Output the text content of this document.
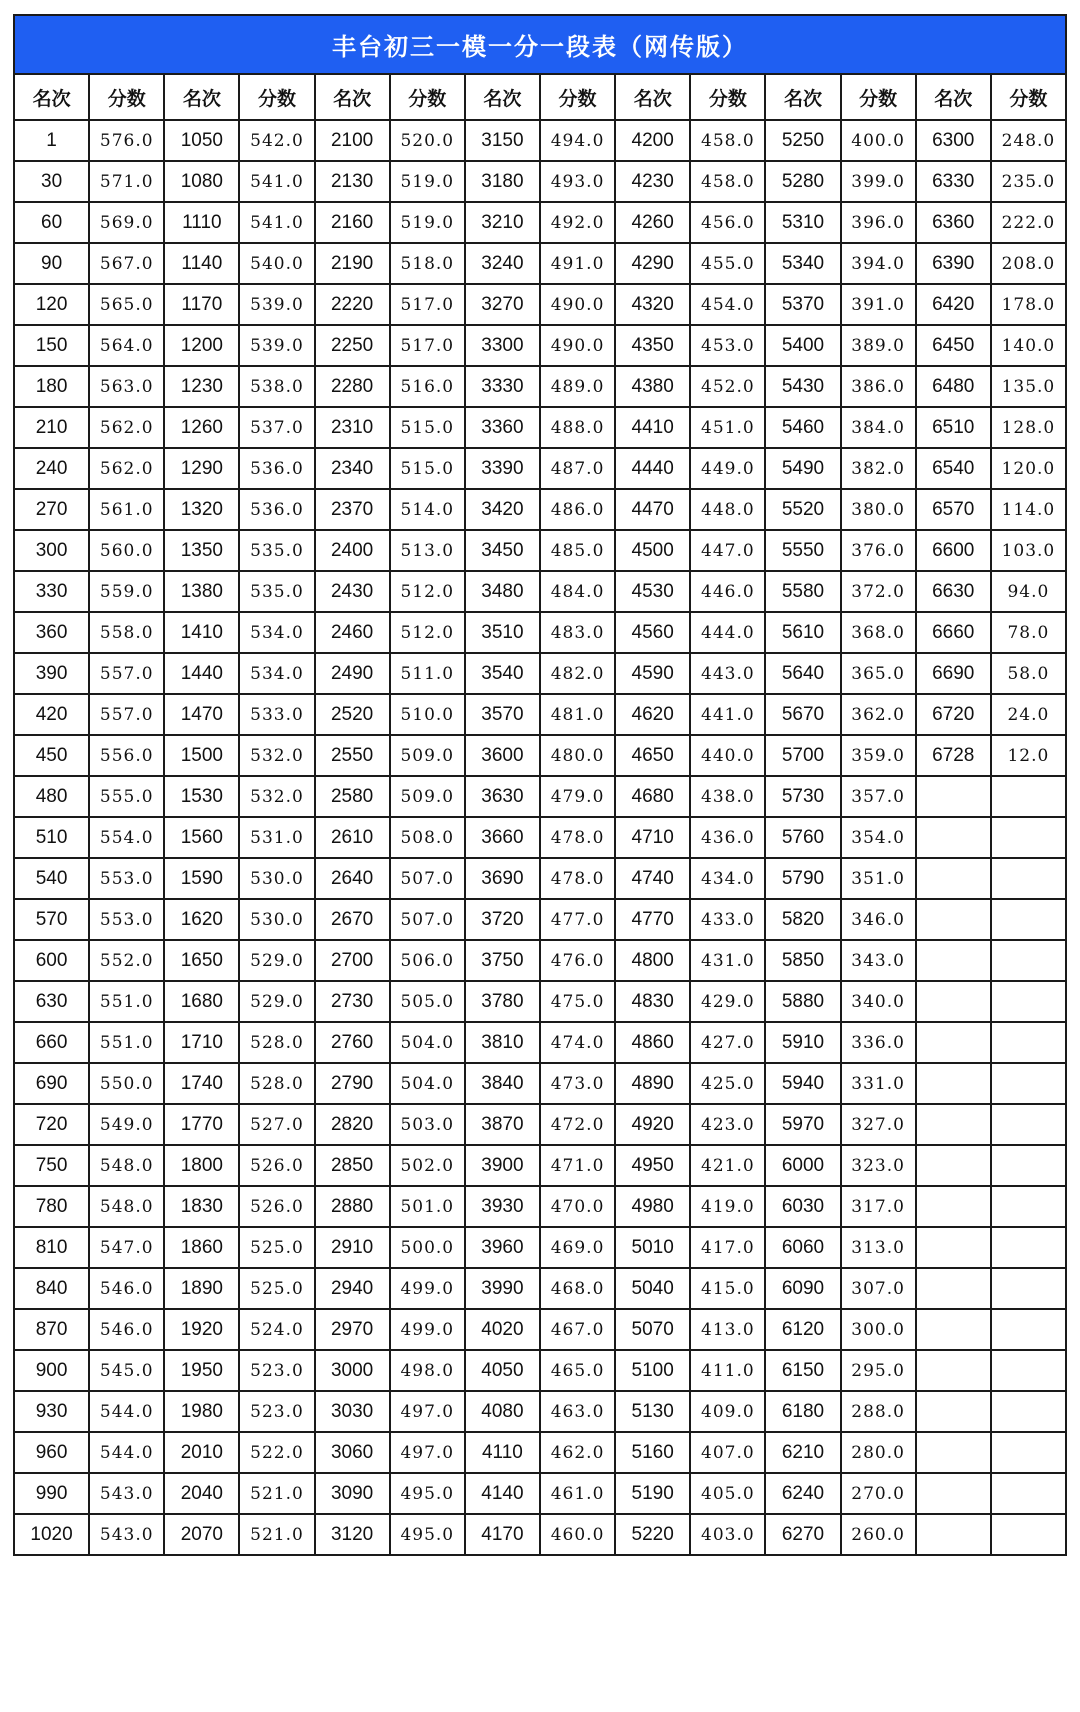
丰台初三一模一分一段表（网传版）
名次	分数	名次	分数	名次	分数	名次	分数	名次	分数	名次	分数	名次	分数
1	576.0	1050	542.0	2100	520.0	3150	494.0	4200	458.0	5250	400.0	6300	248.0
30	571.0	1080	541.0	2130	519.0	3180	493.0	4230	458.0	5280	399.0	6330	235.0
60	569.0	1110	541.0	2160	519.0	3210	492.0	4260	456.0	5310	396.0	6360	222.0
90	567.0	1140	540.0	2190	518.0	3240	491.0	4290	455.0	5340	394.0	6390	208.0
120	565.0	1170	539.0	2220	517.0	3270	490.0	4320	454.0	5370	391.0	6420	178.0
150	564.0	1200	539.0	2250	517.0	3300	490.0	4350	453.0	5400	389.0	6450	140.0
180	563.0	1230	538.0	2280	516.0	3330	489.0	4380	452.0	5430	386.0	6480	135.0
210	562.0	1260	537.0	2310	515.0	3360	488.0	4410	451.0	5460	384.0	6510	128.0
240	562.0	1290	536.0	2340	515.0	3390	487.0	4440	449.0	5490	382.0	6540	120.0
270	561.0	1320	536.0	2370	514.0	3420	486.0	4470	448.0	5520	380.0	6570	114.0
300	560.0	1350	535.0	2400	513.0	3450	485.0	4500	447.0	5550	376.0	6600	103.0
330	559.0	1380	535.0	2430	512.0	3480	484.0	4530	446.0	5580	372.0	6630	94.0
360	558.0	1410	534.0	2460	512.0	3510	483.0	4560	444.0	5610	368.0	6660	78.0
390	557.0	1440	534.0	2490	511.0	3540	482.0	4590	443.0	5640	365.0	6690	58.0
420	557.0	1470	533.0	2520	510.0	3570	481.0	4620	441.0	5670	362.0	6720	24.0
450	556.0	1500	532.0	2550	509.0	3600	480.0	4650	440.0	5700	359.0	6728	12.0
480	555.0	1530	532.0	2580	509.0	3630	479.0	4680	438.0	5730	357.0		
510	554.0	1560	531.0	2610	508.0	3660	478.0	4710	436.0	5760	354.0		
540	553.0	1590	530.0	2640	507.0	3690	478.0	4740	434.0	5790	351.0		
570	553.0	1620	530.0	2670	507.0	3720	477.0	4770	433.0	5820	346.0		
600	552.0	1650	529.0	2700	506.0	3750	476.0	4800	431.0	5850	343.0		
630	551.0	1680	529.0	2730	505.0	3780	475.0	4830	429.0	5880	340.0		
660	551.0	1710	528.0	2760	504.0	3810	474.0	4860	427.0	5910	336.0		
690	550.0	1740	528.0	2790	504.0	3840	473.0	4890	425.0	5940	331.0		
720	549.0	1770	527.0	2820	503.0	3870	472.0	4920	423.0	5970	327.0		
750	548.0	1800	526.0	2850	502.0	3900	471.0	4950	421.0	6000	323.0		
780	548.0	1830	526.0	2880	501.0	3930	470.0	4980	419.0	6030	317.0		
810	547.0	1860	525.0	2910	500.0	3960	469.0	5010	417.0	6060	313.0		
840	546.0	1890	525.0	2940	499.0	3990	468.0	5040	415.0	6090	307.0		
870	546.0	1920	524.0	2970	499.0	4020	467.0	5070	413.0	6120	300.0		
900	545.0	1950	523.0	3000	498.0	4050	465.0	5100	411.0	6150	295.0		
930	544.0	1980	523.0	3030	497.0	4080	463.0	5130	409.0	6180	288.0		
960	544.0	2010	522.0	3060	497.0	4110	462.0	5160	407.0	6210	280.0		
990	543.0	2040	521.0	3090	495.0	4140	461.0	5190	405.0	6240	270.0		
1020	543.0	2070	521.0	3120	495.0	4170	460.0	5220	403.0	6270	260.0		
